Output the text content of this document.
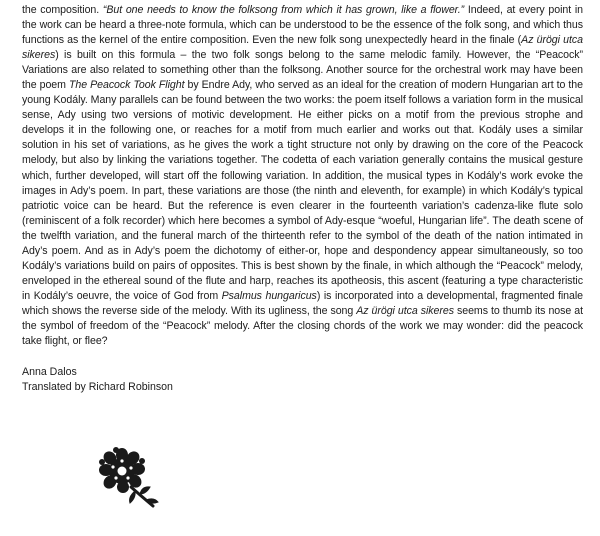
the composition. “But one needs to know the folksong from which it has grown, like a flower.” Indeed, at every point in the work can be heard a three-note formula, which can be understood to be the essence of the folk song, and which thus functions as the kernel of the entire composition. Even the new folk song unexpectedly heard in the finale (Az ürögi utca sikeres) is built on this formula – the two folk songs belong to the same melodic family. However, the “Peacock” Variations are also related to something other than the folksong. Another source for the orchestral work may have been the poem The Peacock Took Flight by Endre Ady, who served as an ideal for the creation of modern Hungarian art to the young Kodály. Many parallels can be found between the two works: the poem itself follows a variation form in the musical sense, Ady using two versions of motivic development. He either picks on a motif from the previous strophe and develops it in the following one, or reaches for a motif from much earlier and works out that. Kodály uses a similar solution in his set of variations, as he gives the work a tight structure not only by drawing on the core of the Peacock melody, but also by linking the variations together. The codetta of each variation generally contains the musical gesture which, further developed, will start off the following variation. In addition, the musical types in Kodály’s work evoke the images in Ady’s poem. In part, these variations are those (the ninth and eleventh, for example) in which Kodály’s typical patriotic voice can be heard. But the reference is even clearer in the fourteenth variation’s cadenza-like flute solo (reminiscent of a folk recorder) which here becomes a symbol of Ady-esque “woeful, Hungarian life”. The death scene of the twelfth variation, and the funeral march of the thirteenth refer to the symbol of the death of the nation intimated in Ady’s poem. And as in Ady’s poem the dichotomy of either-or, hope and despondency appear simultaneously, so too Kodály’s variations build on pairs of opposites. This is best shown by the finale, in which although the “Peacock” melody, enveloped in the ethereal sound of the flute and harp, reaches its apotheosis, this ascent (featuring a type characteristic in Kodály’s oeuvre, the voice of God from Psalmus hungaricus) is incorporated into a developmental, fragmented finale which shows the reverse side of the melody. With its ugliness, the song Az ürögi utca sikeres seems to thumb its nose at the symbol of freedom of the “Peacock” melody. After the closing chords of the work we may wonder: did the peacock take flight, or flee?

Anna Dalos
Translated by Richard Robinson
